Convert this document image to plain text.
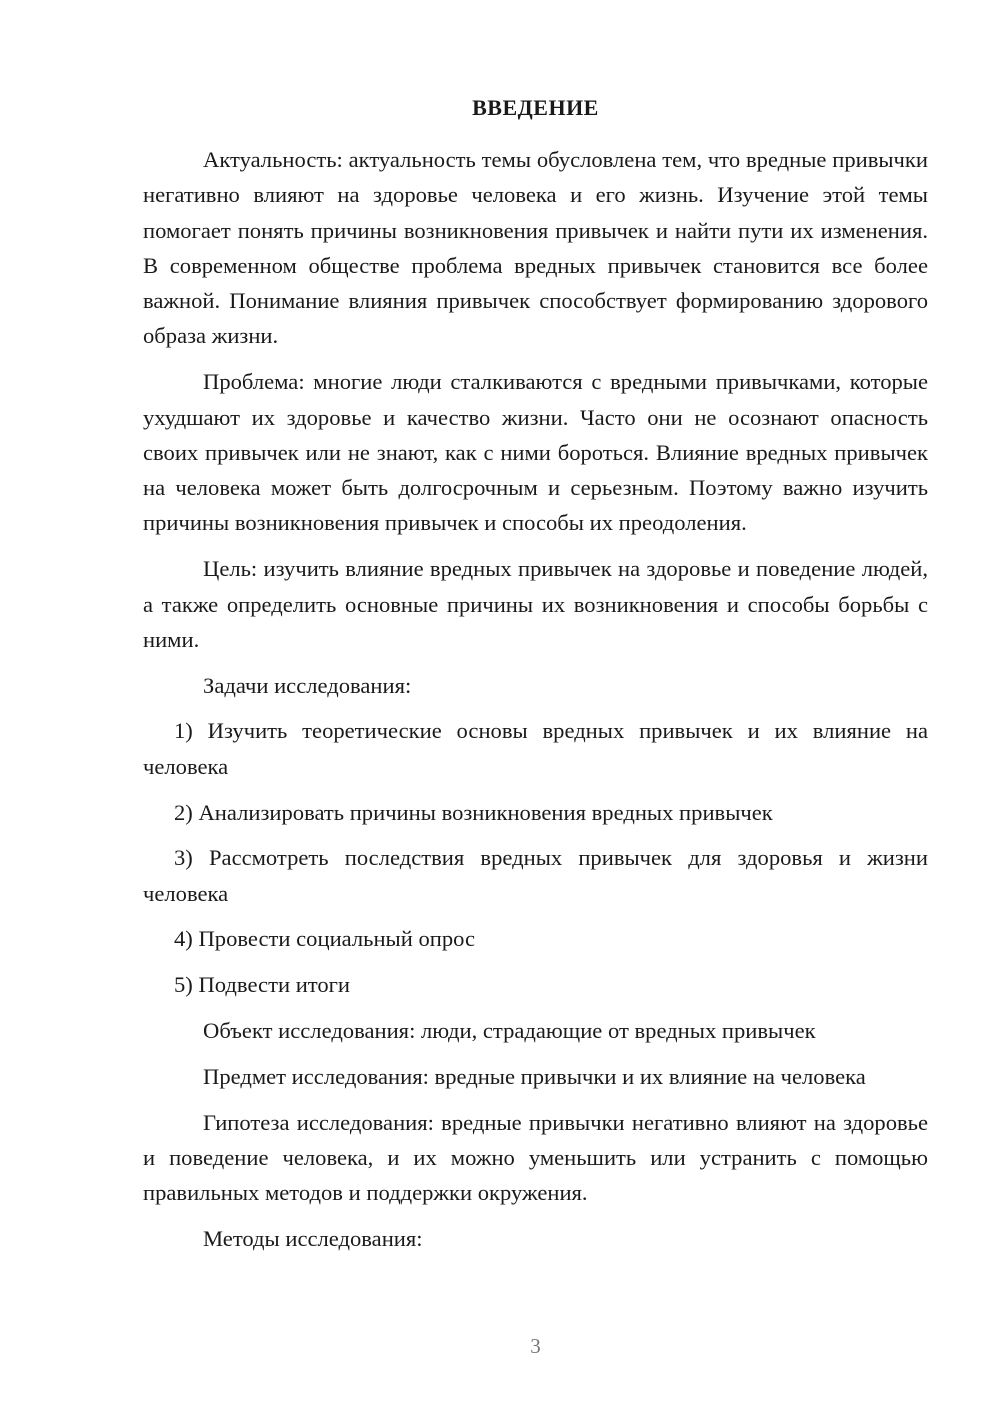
ВВЕДЕНИЕ

Актуальность: актуальность темы обусловлена тем, что вредные привычки негативно влияют на здоровье человека и его жизнь. Изучение этой темы помогает понять причины возникновения привычек и найти пути их изменения. В современном обществе проблема вредных привычек становится все более важной. Понимание влияния привычек способствует формированию здорового образа жизни.

Проблема: многие люди сталкиваются с вредными привычками, которые ухудшают их здоровье и качество жизни. Часто они не осознают опасность своих привычек или не знают, как с ними бороться. Влияние вредных привычек на человека может быть долгосрочным и серьезным. Поэтому важно изучить причины возникновения привычек и способы их преодоления.

Цель: изучить влияние вредных привычек на здоровье и поведение людей, а также определить основные причины их возникновения и способы борьбы с ними.

Задачи исследования:

1) Изучить теоретические основы вредных привычек и их влияние на человека

2) Анализировать причины возникновения вредных привычек

3) Рассмотреть последствия вредных привычек для здоровья и жизни человека

4) Провести социальный опрос

5) Подвести итоги

Объект исследования: люди, страдающие от вредных привычек

Предмет исследования: вредные привычки и их влияние на человека

Гипотеза исследования: вредные привычки негативно влияют на здоровье и поведение человека, и их можно уменьшить или устранить с помощью правильных методов и поддержки окружения.

Методы исследования:

3
